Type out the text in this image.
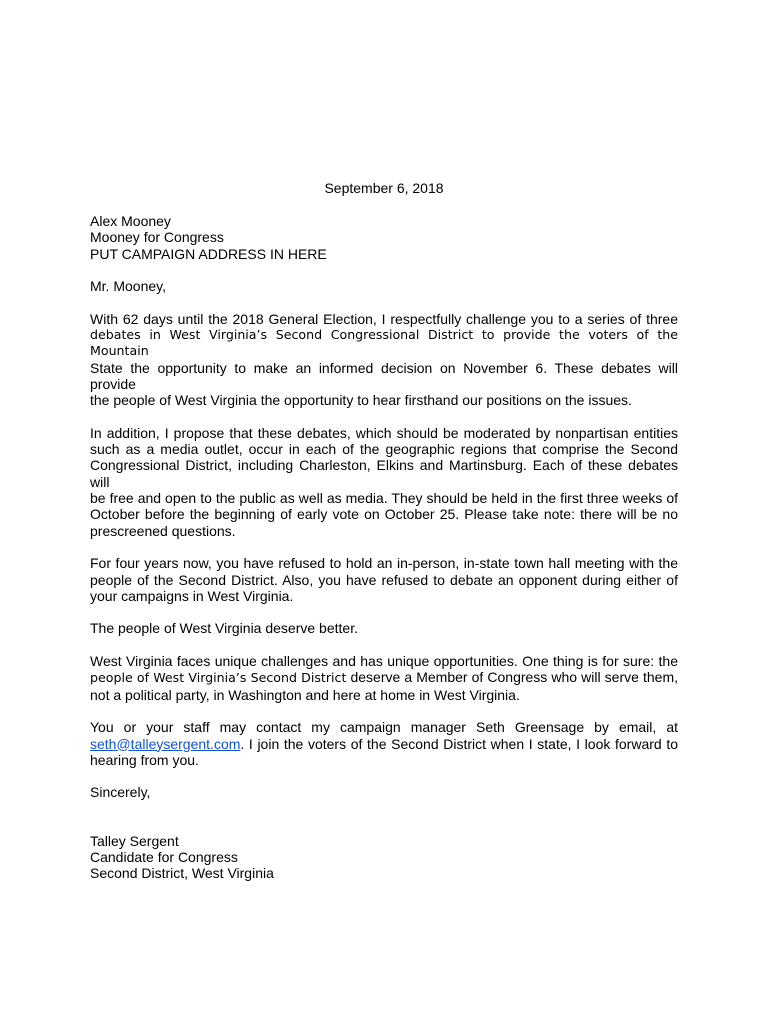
September 6, 2018
Alex Mooney
Mooney for Congress
PUT CAMPAIGN ADDRESS IN HERE
Mr. Mooney,
With 62 days until the 2018 General Election, I respectfully challenge you to a series of three
debates in West Virginia’s Second Congressional District to provide the voters of the Mountain
State the opportunity to make an informed decision on November 6. These debates will provide
the people of West Virginia the opportunity to hear firsthand our positions on the issues.
In addition, I propose that these debates, which should be moderated by nonpartisan entities
such as a media outlet, occur in each of the geographic regions that comprise the Second
Congressional District, including Charleston, Elkins and Martinsburg. Each of these debates will
be free and open to the public as well as media. They should be held in the first three weeks of
October before the beginning of early vote on October 25. Please take note: there will be no
prescreened questions.
For four years now, you have refused to hold an in-person, in-state town hall meeting with the
people of the Second District. Also, you have refused to debate an opponent during either of
your campaigns in West Virginia.
The people of West Virginia deserve better.
West Virginia faces unique challenges and has unique opportunities. One thing is for sure: the
people of West Virginia’s Second District deserve a Member of Congress who will serve them,
not a political party, in Washington and here at home in West Virginia.
You or your staff may contact my campaign manager Seth Greensage by email, at
seth@talleysergent.com. I join the voters of the Second District when I state, I look forward to
hearing from you.
Sincerely,
Talley Sergent
Candidate for Congress
Second District, West Virginia
